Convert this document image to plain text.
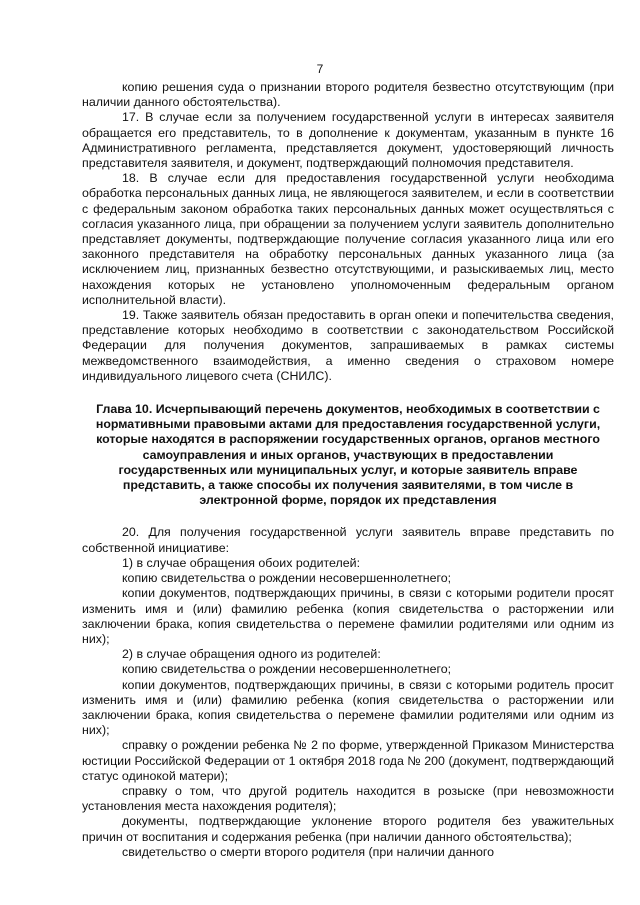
7

копию решения суда о признании второго родителя безвестно отсутствующим (при наличии данного обстоятельства).

17. В случае если за получением государственной услуги в интересах заявителя обращается его представитель, то в дополнение к документам, указанным в пункте 16 Административного регламента, представляется документ, удостоверяющий личность представителя заявителя, и документ, подтверждающий полномочия представителя.

18. В случае если для предоставления государственной услуги необходима обработка персональных данных лица, не являющегося заявителем, и если в соответствии с федеральным законом обработка таких персональных данных может осуществляться с согласия указанного лица, при обращении за получением услуги заявитель дополнительно представляет документы, подтверждающие получение согласия указанного лица или его законного представителя на обработку персональных данных указанного лица (за исключением лиц, признанных безвестно отсутствующими, и разыскиваемых лиц, место нахождения которых не установлено уполномоченным федеральным органом исполнительной власти).

19. Также заявитель обязан предоставить в орган опеки и попечительства сведения, представление которых необходимо в соответствии с законодательством Российской Федерации для получения документов, запрашиваемых в рамках системы межведомственного взаимодействия, а именно сведения о страховом номере индивидуального лицевого счета (СНИЛС).

Глава 10. Исчерпывающий перечень документов, необходимых в соответствии с нормативными правовыми актами для предоставления государственной услуги, которые находятся в распоряжении государственных органов, органов местного самоуправления и иных органов, участвующих в предоставлении государственных или муниципальных услуг, и которые заявитель вправе представить, а также способы их получения заявителями, в том числе в электронной форме, порядок их представления

20. Для получения государственной услуги заявитель вправе представить по собственной инициативе:

1) в случае обращения обоих родителей:

копию свидетельства о рождении несовершеннолетнего;

копии документов, подтверждающих причины, в связи с которыми родители просят изменить имя и (или) фамилию ребенка (копия свидетельства о расторжении или заключении брака, копия свидетельства о перемене фамилии родителями или одним из них);

2) в случае обращения одного из родителей:

копию свидетельства о рождении несовершеннолетнего;

копии документов, подтверждающих причины, в связи с которыми родитель просит изменить имя и (или) фамилию ребенка (копия свидетельства о расторжении или заключении брака, копия свидетельства о перемене фамилии родителями или одним из них);

справку о рождении ребенка № 2 по форме, утвержденной Приказом Министерства юстиции Российской Федерации от 1 октября 2018 года № 200 (документ, подтверждающий статус одинокой матери);

справку о том, что другой родитель находится в розыске (при невозможности установления места нахождения родителя);

документы, подтверждающие уклонение второго родителя без уважительных причин от воспитания и содержания ребенка (при наличии данного обстоятельства);

свидетельство о смерти второго родителя (при наличии данного
